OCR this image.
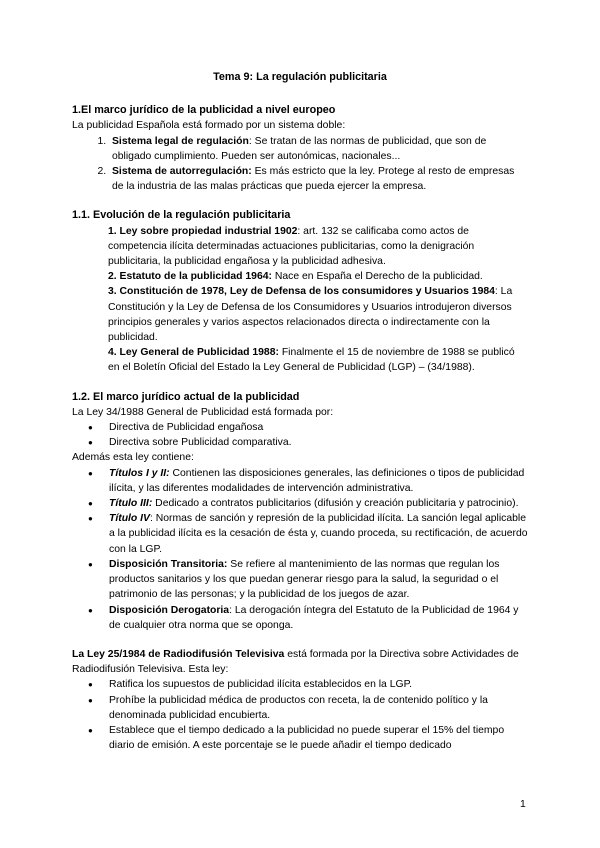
Tema 9: La regulación publicitaria
1.El marco jurídico de la publicidad a nivel europeo

La publicidad Española está formado por un sistema doble:

1. Sistema legal de regulación: Se tratan de las normas de publicidad, que son de obligado cumplimiento. Pueden ser autonómicas, nacionales...
2. Sistema de autorregulación: Es más estricto que la ley. Protege al resto de empresas de la industria de las malas prácticas que pueda ejercer la empresa.
1.1. Evolución de la regulación publicitaria

1. Ley sobre propiedad industrial 1902: art. 132 se calificaba como actos de competencia ilícita determinadas actuaciones publicitarias, como la denigración publicitaria, la publicidad engañosa y la publicidad adhesiva.

2. Estatuto de la publicidad 1964: Nace en España el Derecho de la publicidad.

3. Constitución de 1978, Ley de Defensa de los consumidores y Usuarios 1984: La Constitución y la Ley de Defensa de los Consumidores y Usuarios introdujeron diversos principios generales y varios aspectos relacionados directa o indirectamente con la publicidad.

4. Ley General de Publicidad 1988: Finalmente el 15 de noviembre de 1988 se publicó en el Boletín Oficial del Estado la Ley General de Publicidad (LGP) – (34/1988).

1.2. El marco jurídico actual de la publicidad

La Ley 34/1988 General de Publicidad está formada por:

● Directiva de Publicidad engañosa
● Directiva sobre Publicidad comparativa.

Además esta ley contiene:

● Títulos I y II: Contienen las disposiciones generales, las definiciones o tipos de publicidad ilícita, y las diferentes modalidades de intervención administrativa.
● Título III: Dedicado a contratos publicitarios (difusión y creación publicitaria y patrocinio).
● Título IV: Normas de sanción y represión de la publicidad ilícita. La sanción legal aplicable a la publicidad ilícita es la cesación de ésta y, cuando proceda, su rectificación, de acuerdo con la LGP.
● Disposición Transitoria: Se refiere al mantenimiento de las normas que regulan los productos sanitarios y los que puedan generar riesgo para la salud, la seguridad o el patrimonio de las personas; y la publicidad de los juegos de azar.
● Disposición Derogatoria: La derogación íntegra del Estatuto de la Publicidad de 1964 y de cualquier otra norma que se oponga.

La Ley 25/1984 de Radiodifusión Televisiva está formada por la Directiva sobre Actividades de Radiodifusión Televisiva. Esta ley:

● Ratifica los supuestos de publicidad ilícita establecidos en la LGP.
● Prohíbe la publicidad médica de productos con receta, la de contenido político y la denominada publicidad encubierta.
● Establece que el tiempo dedicado a la publicidad no puede superar el 15% del tiempo diario de emisión. A este porcentaje se le puede añadir el tiempo dedicado
1
